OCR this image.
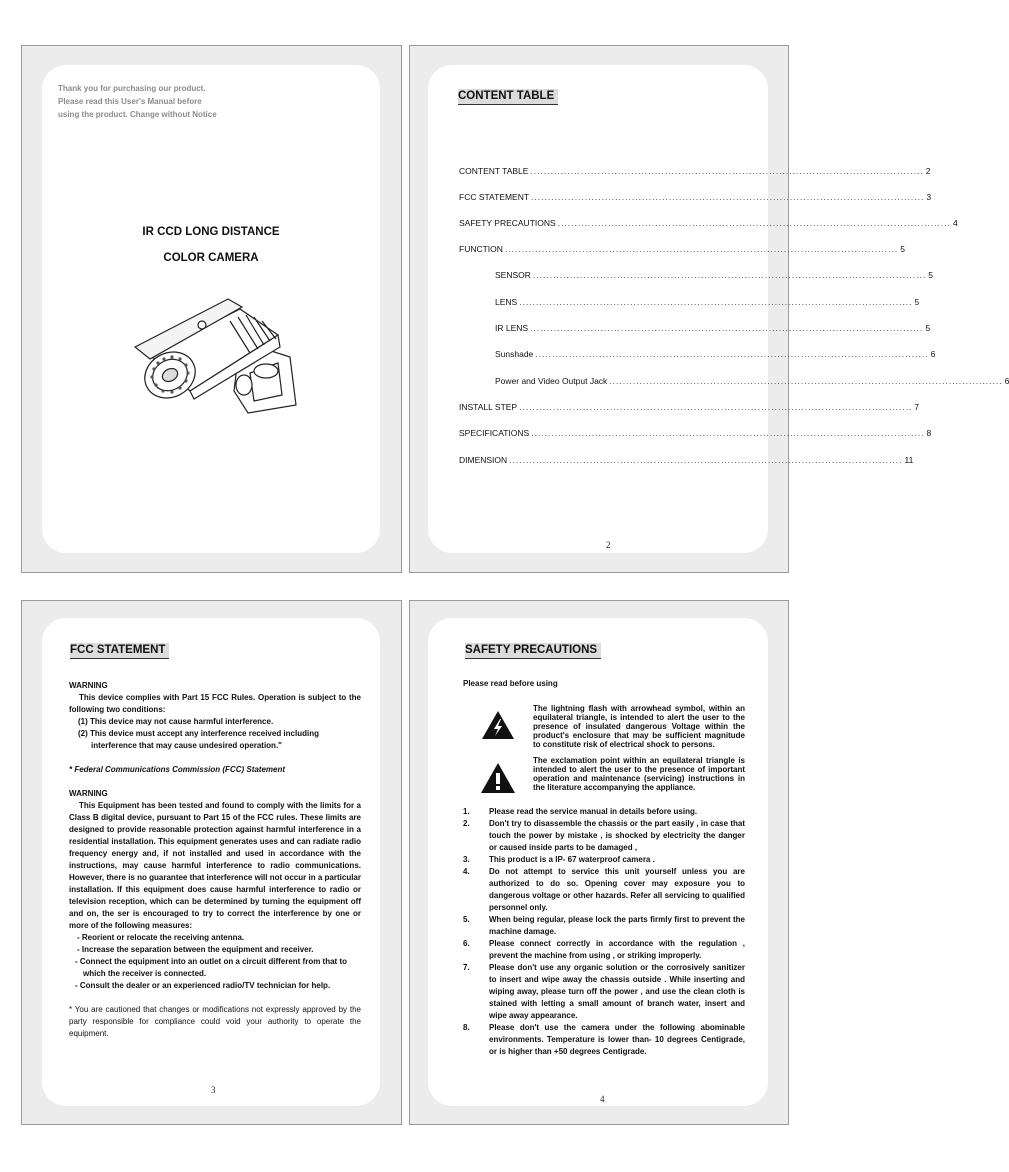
Thank you for purchasing our product.
Please read this User's Manual before
using the product. Change without Notice
IR CCD LONG DISTANCE
COLOR CAMERA
CONTENT TABLE
CONTENT TABLE ..................................................................................................................... 2
FCC STATEMENT ..................................................................................................................... 3
SAFETY PRECAUTIONS ..................................................................................................................... 4
FUNCTION ..................................................................................................................... 5
SENSOR ..................................................................................................................... 5
LENS ..................................................................................................................... 5
IR LENS ..................................................................................................................... 5
Sunshade ..................................................................................................................... 6
Power and Video Output Jack ..................................................................................................................... 6
INSTALL STEP ..................................................................................................................... 7
SPECIFICATIONS ..................................................................................................................... 8
DIMENSION ..................................................................................................................... 11
2
FCC STATEMENT

WARNING

This device complies with Part 15 FCC Rules. Operation is subject to the following two conditions:

(1) This device may not cause harmful interference.

(2) This device must accept any interference received including

interference that may cause undesired operation."

* Federal Communications Commission (FCC) Statement

WARNING

This Equipment has been tested and found to comply with the limits for a Class B digital device, pursuant to Part 15 of the FCC rules. These limits are designed to provide reasonable protection against harmful interference in a residential installation. This equipment generates uses and can radiate radio frequency energy and, if not installed and used in accordance with the instructions, may cause harmful interference to radio communications. However, there is no guarantee that interference will not occur in a particular installation. If this equipment does cause harmful interference to radio or television reception, which can be determined by turning the equipment off and on, the ser is encouraged to try to correct the interference by one or more of the following measures:

- Reorient or relocate the receiving antenna.

- Increase the separation between the equipment and receiver.

- Connect the equipment into an outlet on a circuit different from that to

which the receiver is connected.

- Consult the dealer or an experienced radio/TV technician for help.

* You are cautioned that changes or modifications not expressly approved by the party responsible for compliance could void your authority to operate the equipment.

3
SAFETY PRECAUTIONS

Please read before using

The lightning flash with arrowhead symbol, within an equilateral triangle, is intended to alert the user to the presence of insulated dangerous Voltage within the product's enclosure that may be sufficient magnitude to constitute risk of electrical shock to persons.
The exclamation point within an equilateral triangle is intended to alert the user to the presence of important operation and maintenance (servicing) instructions in the literature accompanying the appliance.
1.	Please read the service manual in details before using.
2.	Don't try to disassemble the chassis or the part easily , in case that touch the power by mistake , is shocked by electricity the danger or caused inside parts to be damaged ,
3.	This product is a IP- 67 waterproof camera .
4.	Do not attempt to service this unit yourself unless you are authorized to do so. Opening cover may exposure you to dangerous voltage or other hazards. Refer all servicing to qualified personnel only.
5.	When being regular, please lock the parts firmly first to prevent the machine damage.
6.	Please connect correctly in accordance with the regulation , prevent the machine from using , or striking improperly.
7.	Please don't use any organic solution or the corrosively sanitizer to insert and wipe away the chassis outside . While inserting and wiping away, please turn off the power , and use the clean cloth is stained with letting a small amount of branch water, insert and wipe away appearance.
8.	Please don't use the camera under the following abominable environments. Temperature is lower than- 10 degrees Centigrade, or is higher than +50 degrees Centigrade.
4
